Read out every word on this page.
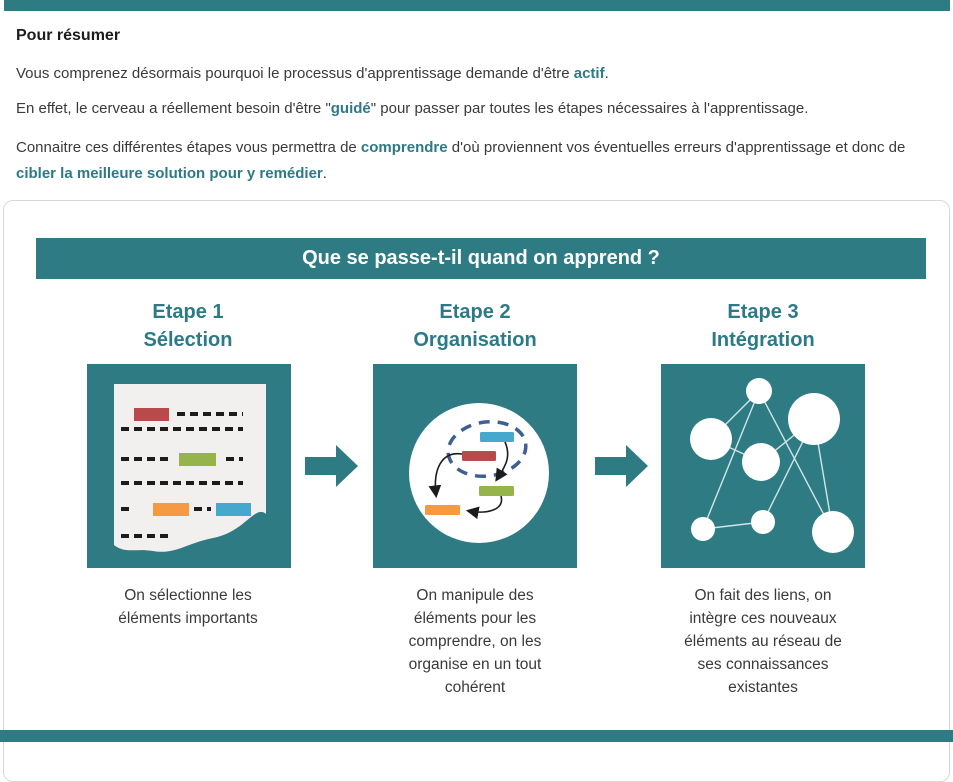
Pour résumer

Vous comprenez désormais pourquoi le processus d'apprentissage demande d'être actif.

En effet, le cerveau a réellement besoin d'être "guidé" pour passer par toutes les étapes nécessaires à l'apprentissage.

Connaitre ces différentes étapes vous permettra de comprendre d'où proviennent vos éventuelles erreurs d'apprentissage et donc de cibler la meilleure solution pour y remédier.

Que se passe-t-il quand on apprend ?
Etape 1
Sélection
Etape 2
Organisation
Etape 3
Intégration
On sélectionne les
éléments importants
On manipule des
éléments pour les
comprendre, on les
organise en un tout
cohérent
On fait des liens, on
intègre ces nouveaux
éléments au réseau de
ses connaissances
existantes
